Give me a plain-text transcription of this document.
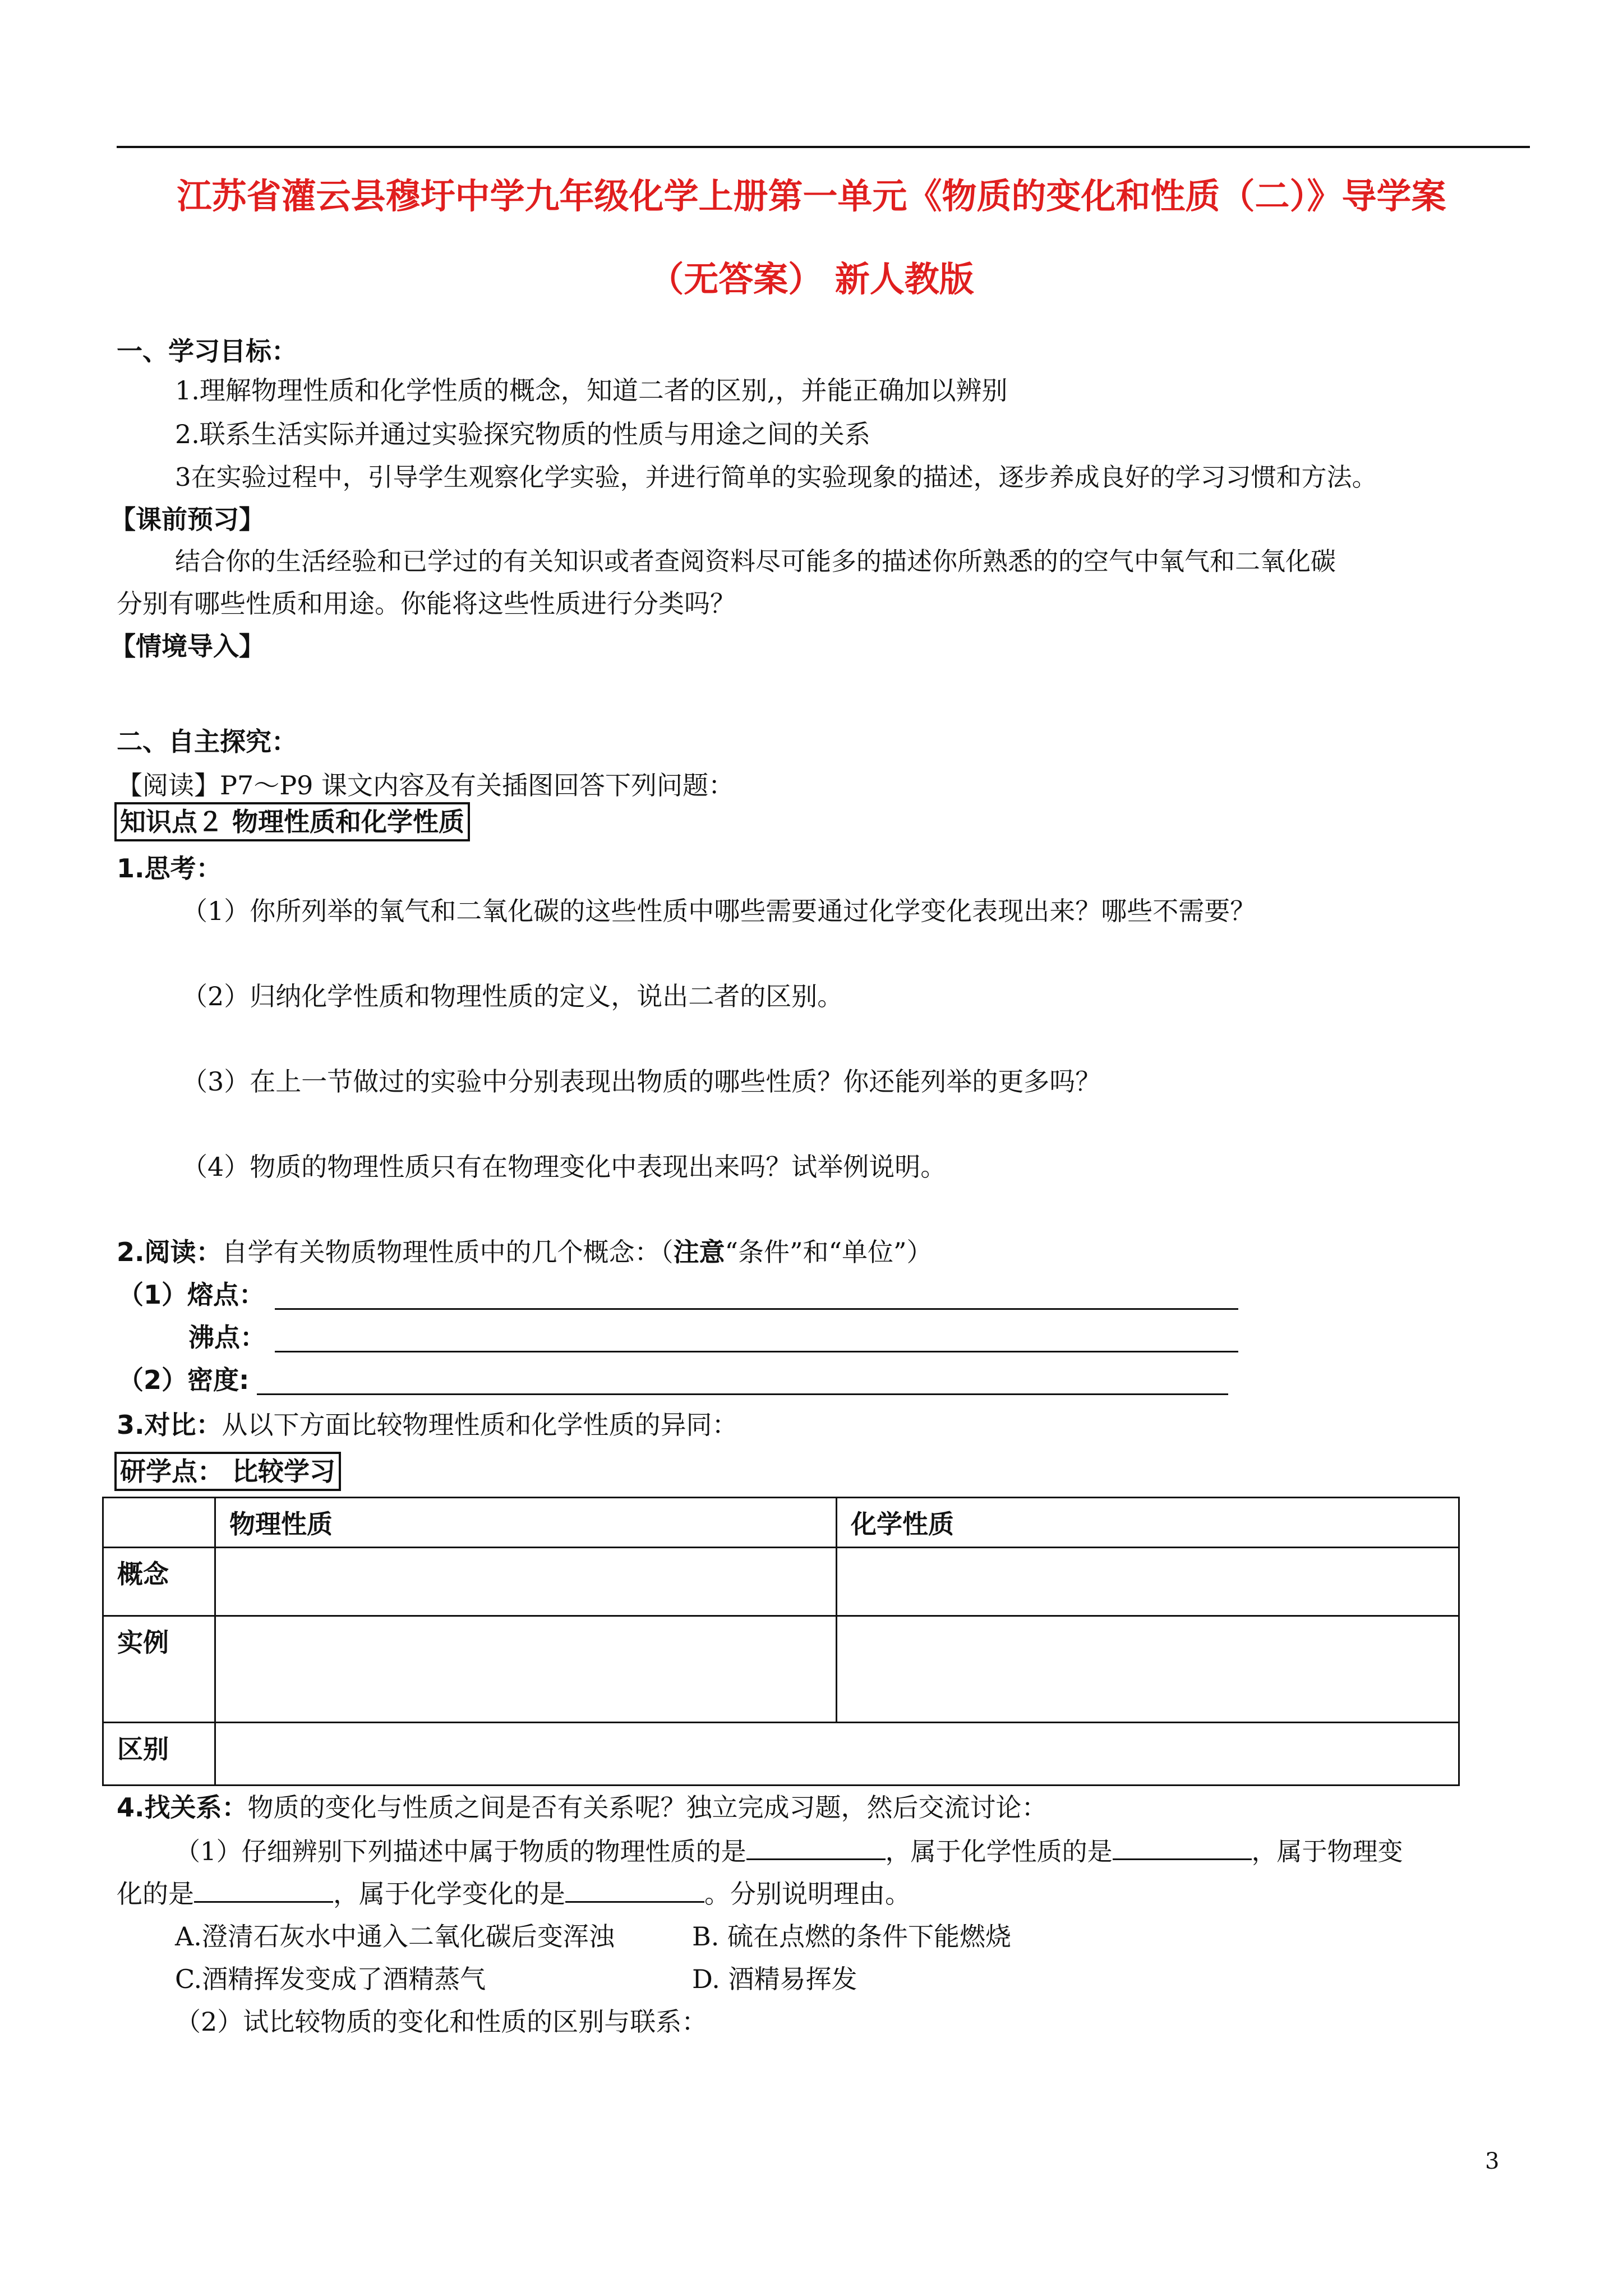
江苏省灌云县穆圩中学九年级化学上册第一单元《物质的变化和性质（二）》导学案
（无答案） 新人教版
一、学习目标：
1.理解物理性质和化学性质的概念，知道二者的区别,，并能正确加以辨别
2.联系生活实际并通过实验探究物质的性质与用途之间的关系
3在实验过程中，引导学生观察化学实验，并进行简单的实验现象的描述，逐步养成良好的学习习惯和方法。
【课前预习】
结合你的生活经验和已学过的有关知识或者查阅资料尽可能多的描述你所熟悉的的空气中氧气和二氧化碳
分别有哪些性质和用途。你能将这些性质进行分类吗？
【情境导入】
二、自主探究：
【阅读】P7～P9 课文内容及有关插图回答下列问题：
知识点２ 物理性质和化学性质
1.思考：
（1）你所列举的氧气和二氧化碳的这些性质中哪些需要通过化学变化表现出来？哪些不需要？
（2）归纳化学性质和物理性质的定义，说出二者的区别。
（3）在上一节做过的实验中分别表现出物质的哪些性质？你还能列举的更多吗？
（4）物质的物理性质只有在物理变化中表现出来吗？试举例说明。
2.阅读：自学有关物质物理性质中的几个概念：（注意“条件”和“单位”）
（1）熔点：
沸点：
（2）密度:
3.对比：从以下方面比较物理性质和化学性质的异同：
研学点： 比较学习
	物理性质	化学性质
概念		
实例		
区别		
4.找关系：物质的变化与性质之间是否有关系呢？独立完成习题，然后交流讨论：
（1）仔细辨别下列描述中属于物质的物理性质的是	，属于化学性质的是	，属于物理变
化的是	，属于化学变化的是	。分别说明理由。
A.澄清石灰水中通入二氧化碳后变浑浊	B. 硫在点燃的条件下能燃烧
C.酒精挥发变成了酒精蒸气	D. 酒精易挥发
（2）试比较物质的变化和性质的区别与联系：
3
